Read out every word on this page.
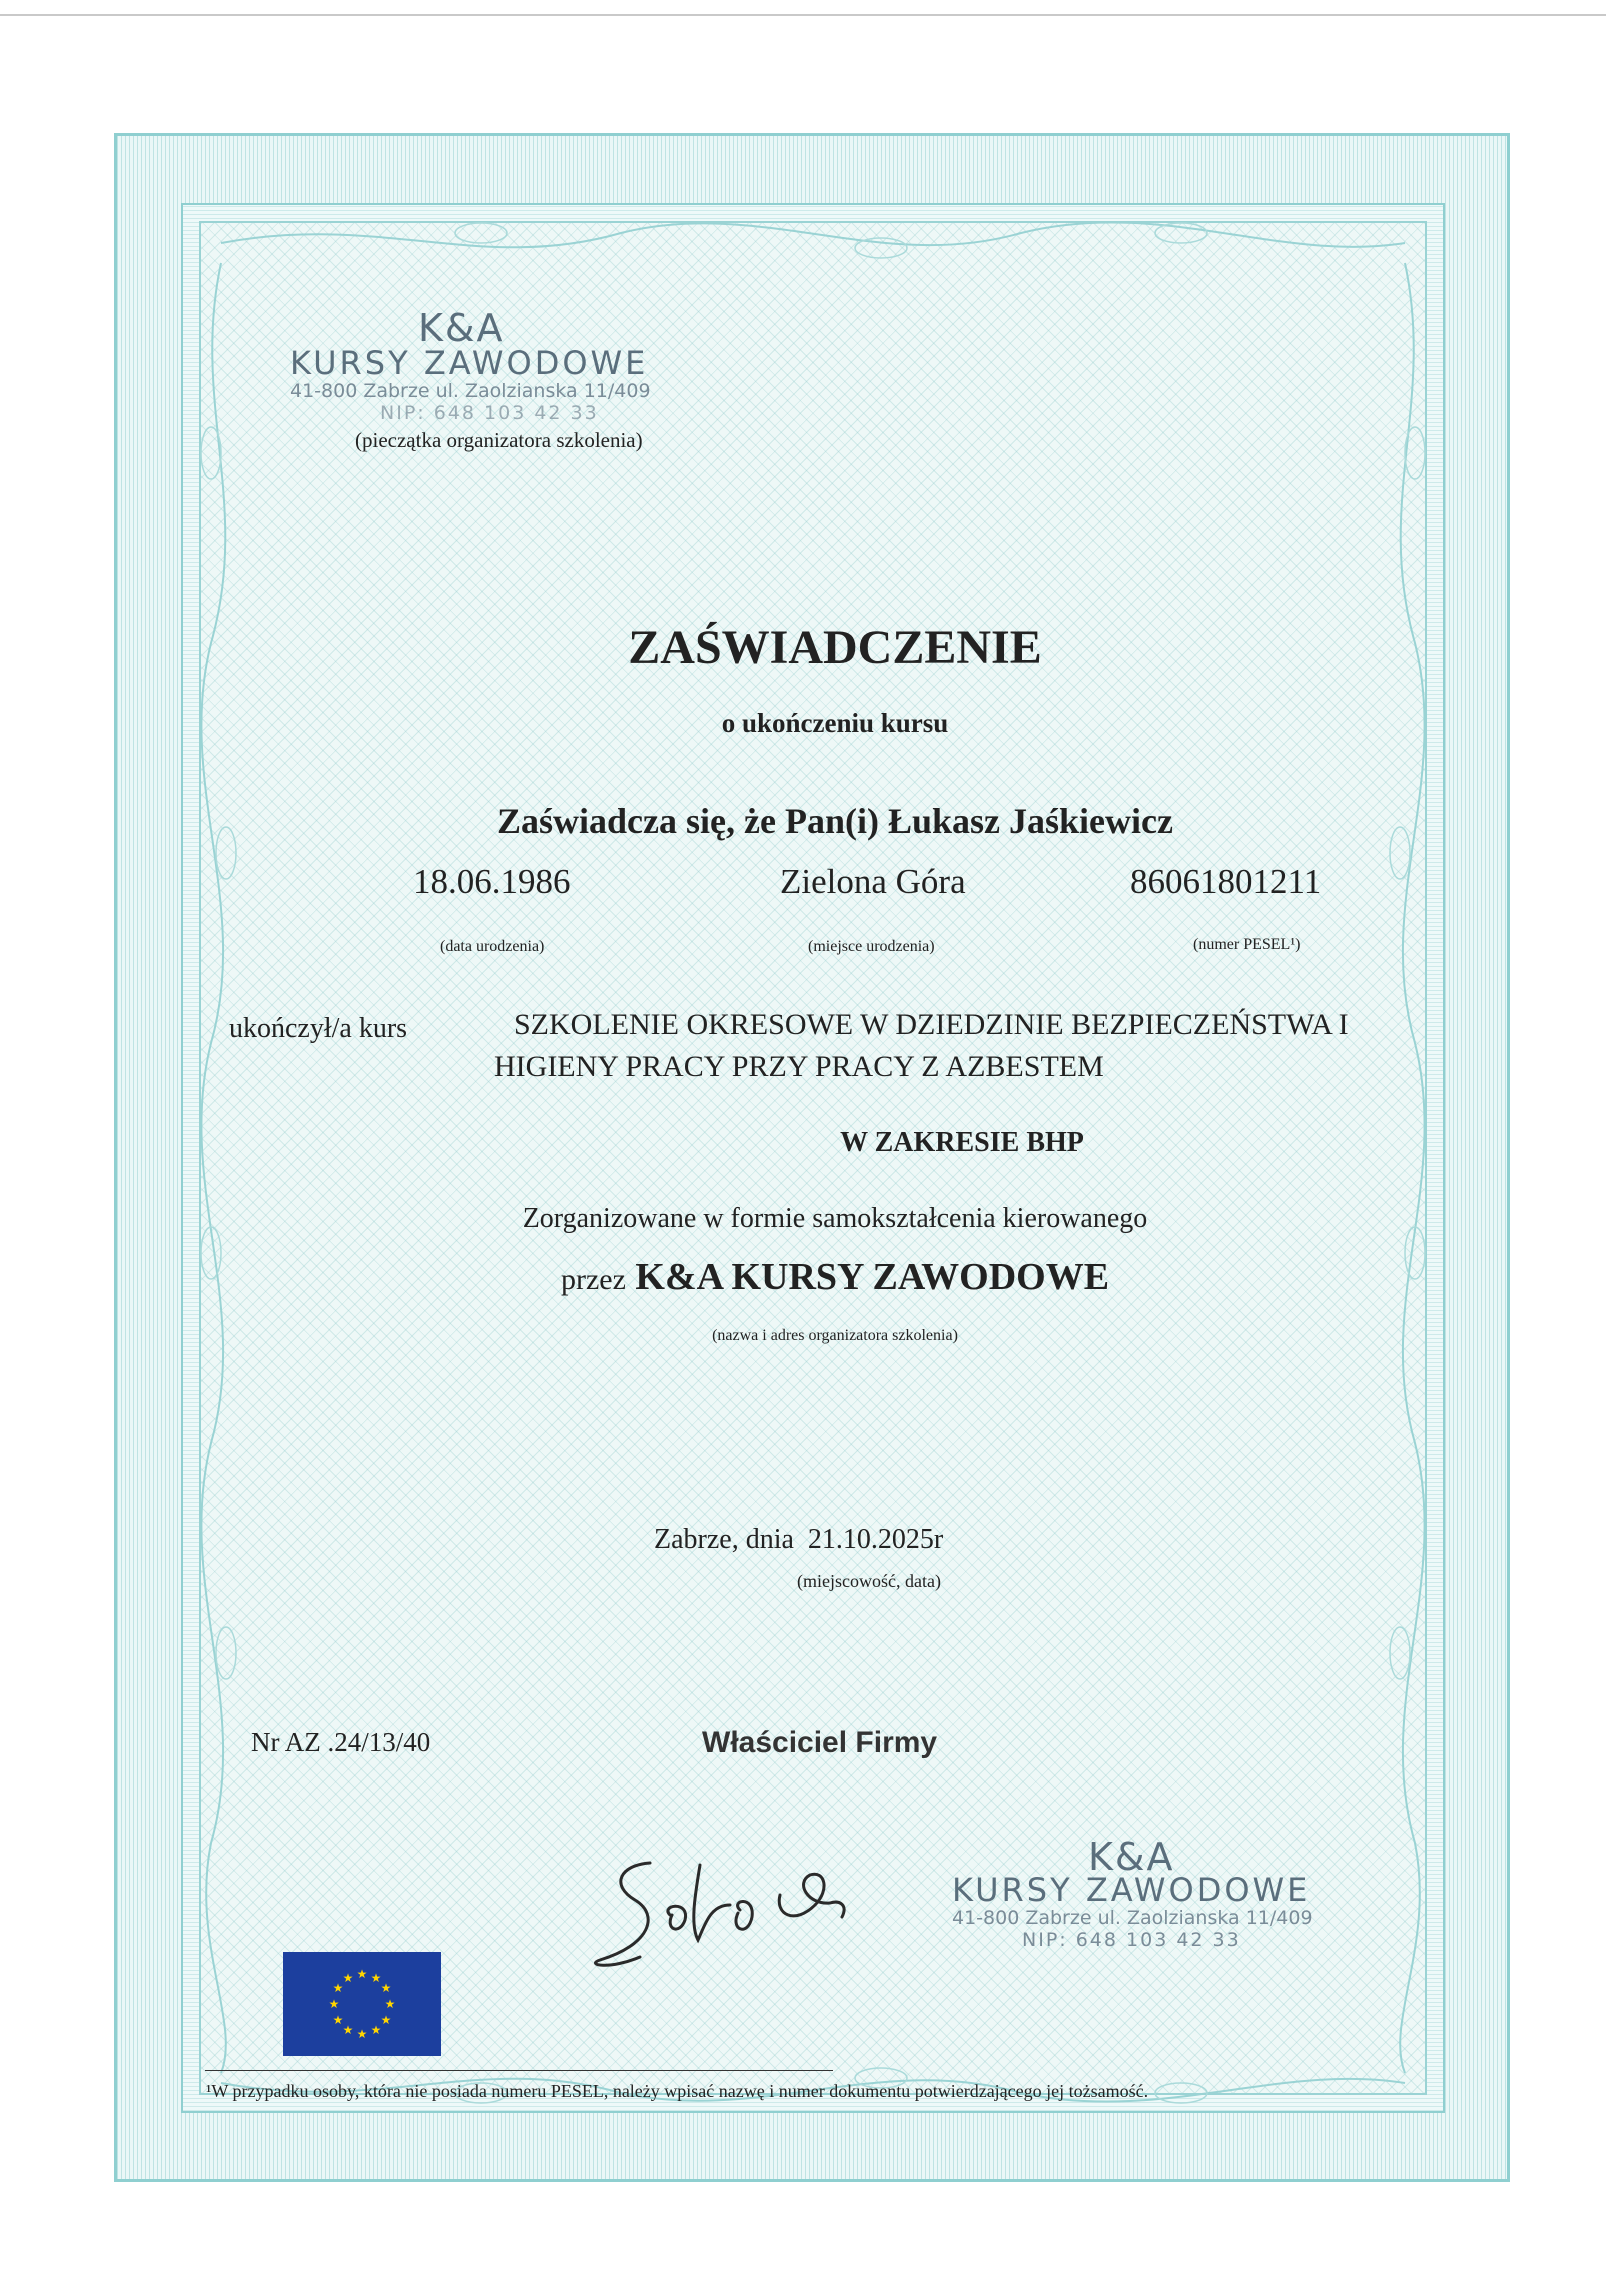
K&A
KURSY ZAWODOWE
41-800 Zabrze ul. Zaolzianska 11/409
NIP: 648 103 42 33
(pieczątka organizatora szkolenia)
ZAŚWIADCZENIE
o ukończeniu kursu
Zaświadcza się, że Pan(i) Łukasz Jaśkiewicz
18.06.1986	Zielona Góra	86061801211
(data urodzenia)	(miejsce urodzenia)	(numer PESEL¹)
ukończył/a kurs	SZKOLENIE OKRESOWE W DZIEDZINIE BEZPIECZEŃSTWA I
HIGIENY PRACY PRZY PRACY Z AZBESTEM
W ZAKRESIE BHP
Zorganizowane w formie samokształcenia kierowanego
przez K&A KURSY ZAWODOWE
(nazwa i adres organizatora szkolenia)
Zabrze, dnia 21.10.2025r
(miejscowość, data)
Nr AZ .24/13/40	Właściciel Firmy
K&A
KURSY ZAWODOWE
41-800 Zabrze ul. Zaolzianska 11/409
NIP: 648 103 42 33
★ ★
★
★
★
★
★
★
★
★
★
★
¹W przypadku osoby, która nie posiada numeru PESEL, należy wpisać nazwę i numer dokumentu potwierdzającego jej tożsamość.
